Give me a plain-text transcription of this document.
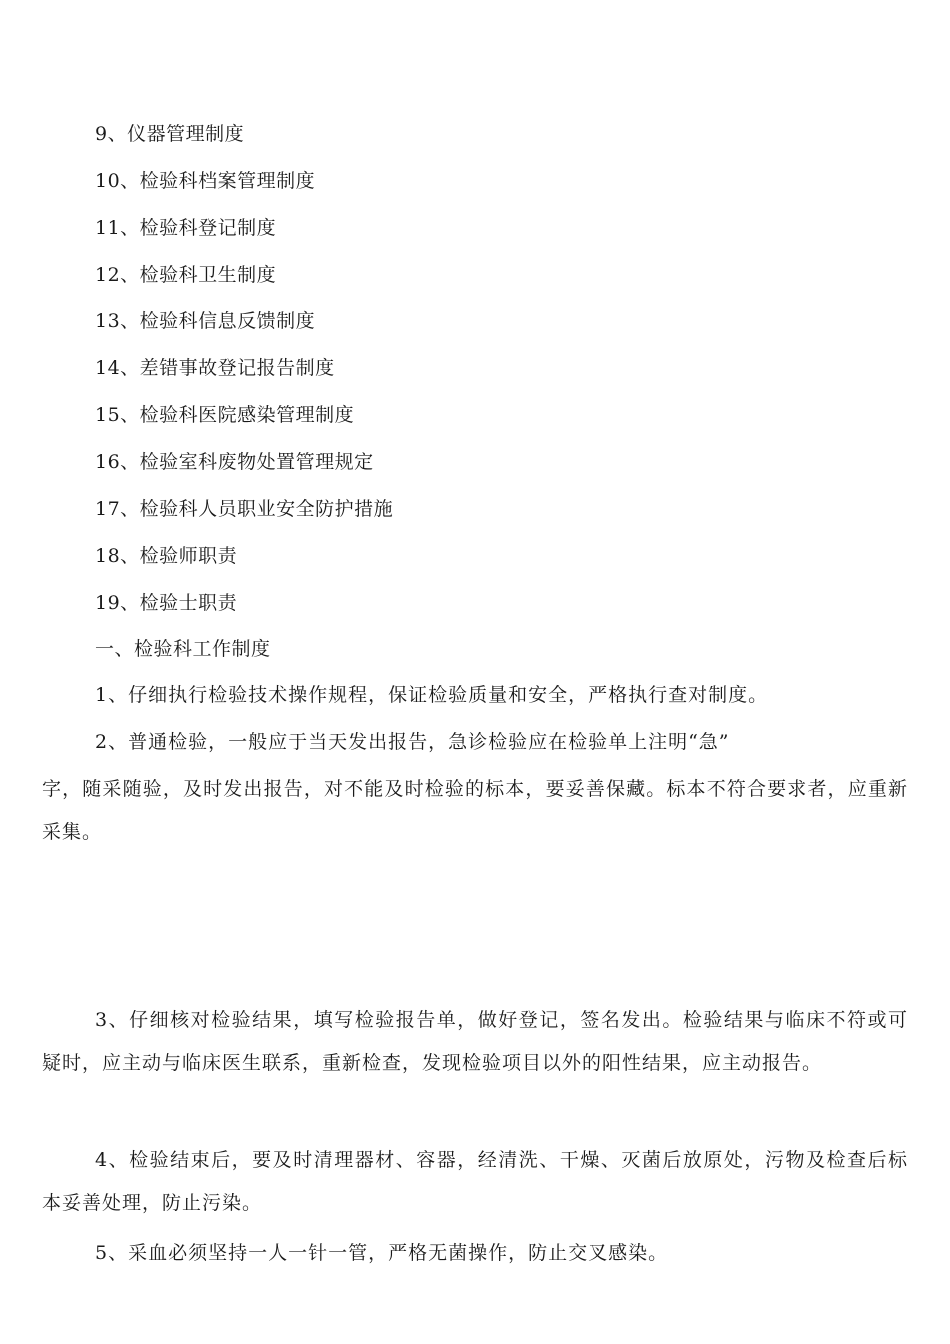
9、仪器管理制度
10、检验科档案管理制度
11、检验科登记制度
12、检验科卫生制度
13、检验科信息反馈制度
14、差错事故登记报告制度
15、检验科医院感染管理制度
16、检验室科废物处置管理规定
17、检验科人员职业安全防护措施
18、检验师职责
19、检验士职责
一、检验科工作制度

1、仔细执行检验技术操作规程，保证检验质量和安全，严格执行查对制度。

2、普通检验，一般应于当天发出报告，急诊检验应在检验单上注明“急”

字，随采随验，及时发出报告，对不能及时检验的标本，要妥善保藏。标本不符合要求者，应重新采集。

3、仔细核对检验结果，填写检验报告单，做好登记，签名发出。检验结果与临床不符或可疑时，应主动与临床医生联系，重新检查，发现检验项目以外的阳性结果，应主动报告。

4、检验结束后，要及时清理器材、容器，经清洗、干燥、灭菌后放原处，污物及检查后标本妥善处理，防止污染。

5、采血必须坚持一人一针一管，严格无菌操作，防止交叉感染。
